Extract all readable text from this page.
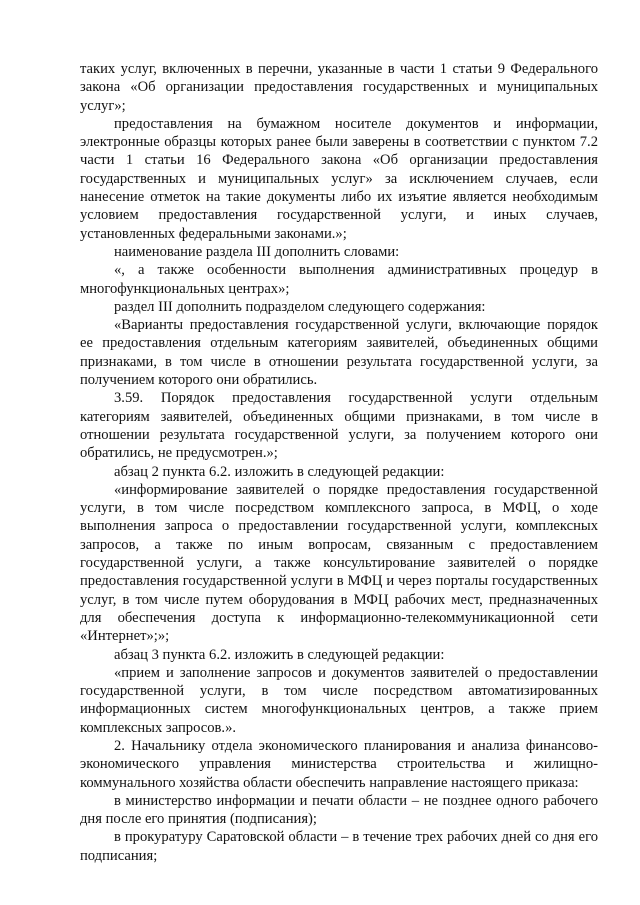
таких услуг, включенных в перечни, указанные в части 1 статьи 9 Федерального закона «Об организации предоставления государственных и муниципальных услуг»;

предоставления на бумажном носителе документов и информации, электронные образцы которых ранее были заверены в соответствии с пунктом 7.2 части 1 статьи 16 Федерального закона «Об организации предоставления государственных и муниципальных услуг» за исключением случаев, если нанесение отметок на такие документы либо их изъятие является необходимым условием предоставления государственной услуги, и иных случаев, установленных федеральными законами.»;

наименование раздела III дополнить словами:

«, а также особенности выполнения административных процедур в многофункциональных центрах»;

раздел III дополнить подразделом следующего содержания:

«Варианты предоставления государственной услуги, включающие порядок ее предоставления отдельным категориям заявителей, объединенных общими признаками, в том числе в отношении результата государственной услуги, за получением которого они обратились.

3.59. Порядок предоставления государственной услуги отдельным категориям заявителей, объединенных общими признаками, в том числе в отношении результата государственной услуги, за получением которого они обратились, не предусмотрен.»;

абзац 2 пункта 6.2. изложить в следующей редакции:

«информирование заявителей о порядке предоставления государственной услуги, в том числе посредством комплексного запроса, в МФЦ, о ходе выполнения запроса о предоставлении государственной услуги, комплексных запросов, а также по иным вопросам, связанным с предоставлением государственной услуги, а также консультирование заявителей о порядке предоставления государственной услуги в МФЦ и через порталы государственных услуг, в том числе путем оборудования в МФЦ рабочих мест, предназначенных для обеспечения доступа к информационно-телекоммуникационной сети «Интернет»;»;

абзац 3 пункта 6.2. изложить в следующей редакции:

«прием и заполнение запросов и документов заявителей о предоставлении государственной услуги, в том числе посредством автоматизированных информационных систем многофункциональных центров, а также прием комплексных запросов.».

2. Начальнику отдела экономического планирования и анализа финансово-экономического управления министерства строительства и жилищно-коммунального хозяйства области обеспечить направление настоящего приказа:

в министерство информации и печати области – не позднее одного рабочего дня после его принятия (подписания);

в прокуратуру Саратовской области – в течение трех рабочих дней со дня его подписания;
